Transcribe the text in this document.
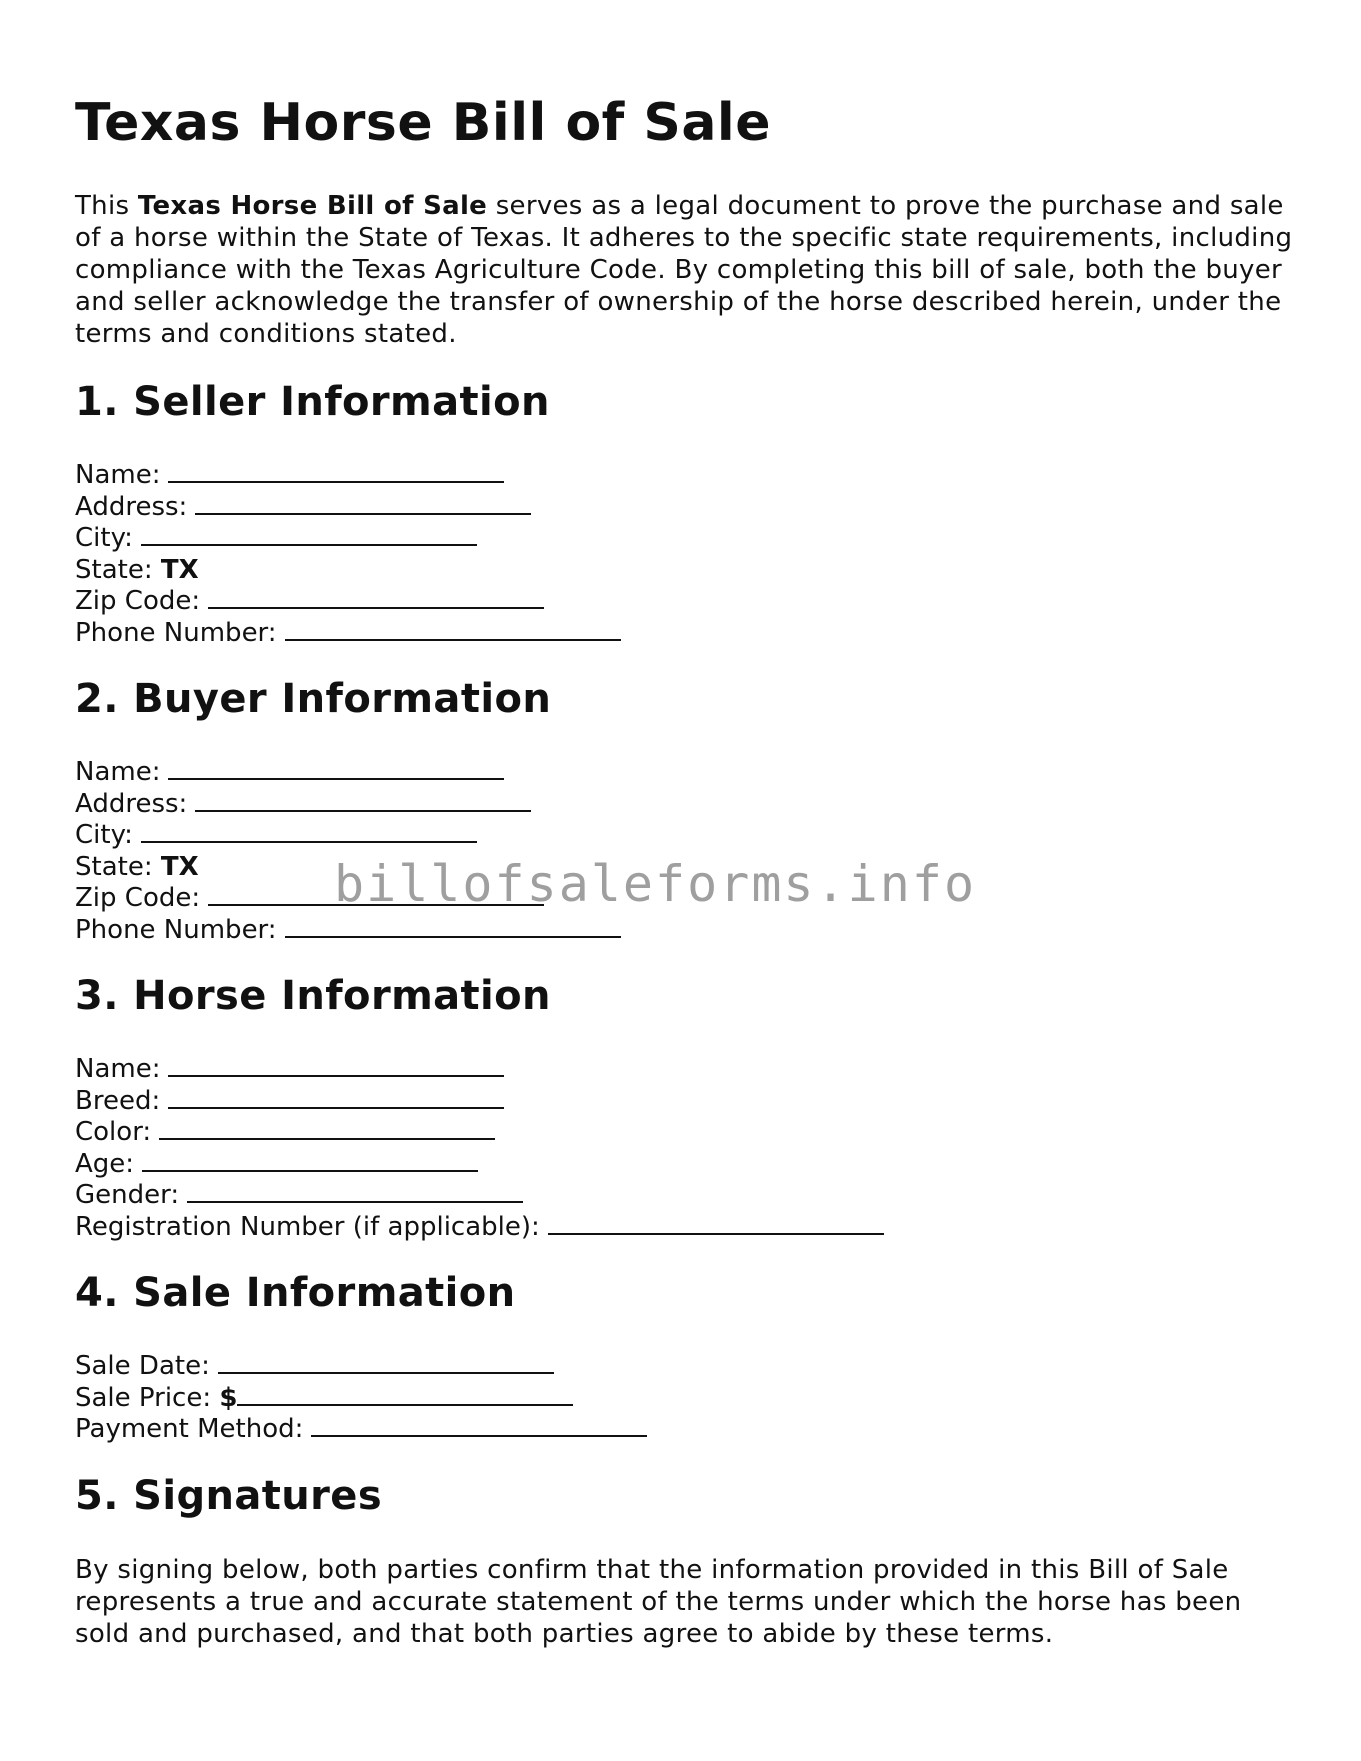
Texas Horse Bill of Sale

This Texas Horse Bill of Sale serves as a legal document to prove the purchase and sale of a horse within the State of Texas. It adheres to the specific state requirements, including compliance with the Texas Agriculture Code. By completing this bill of sale, both the buyer and seller acknowledge the transfer of ownership of the horse described herein, under the terms and conditions stated.

1. Seller Information
Name:
Address:
City:
State: TX
Zip Code:
Phone Number:
2. Buyer Information
Name:
Address:
City:
State: TX
Zip Code:
Phone Number:
3. Horse Information
Name:
Breed:
Color:
Age:
Gender:
Registration Number (if applicable):
4. Sale Information
Sale Date:
Sale Price: $
Payment Method:
5. Signatures

By signing below, both parties confirm that the information provided in this Bill of Sale represents a true and accurate statement of the terms under which the horse has been sold and purchased, and that both parties agree to abide by these terms.

billofsaleforms.info
